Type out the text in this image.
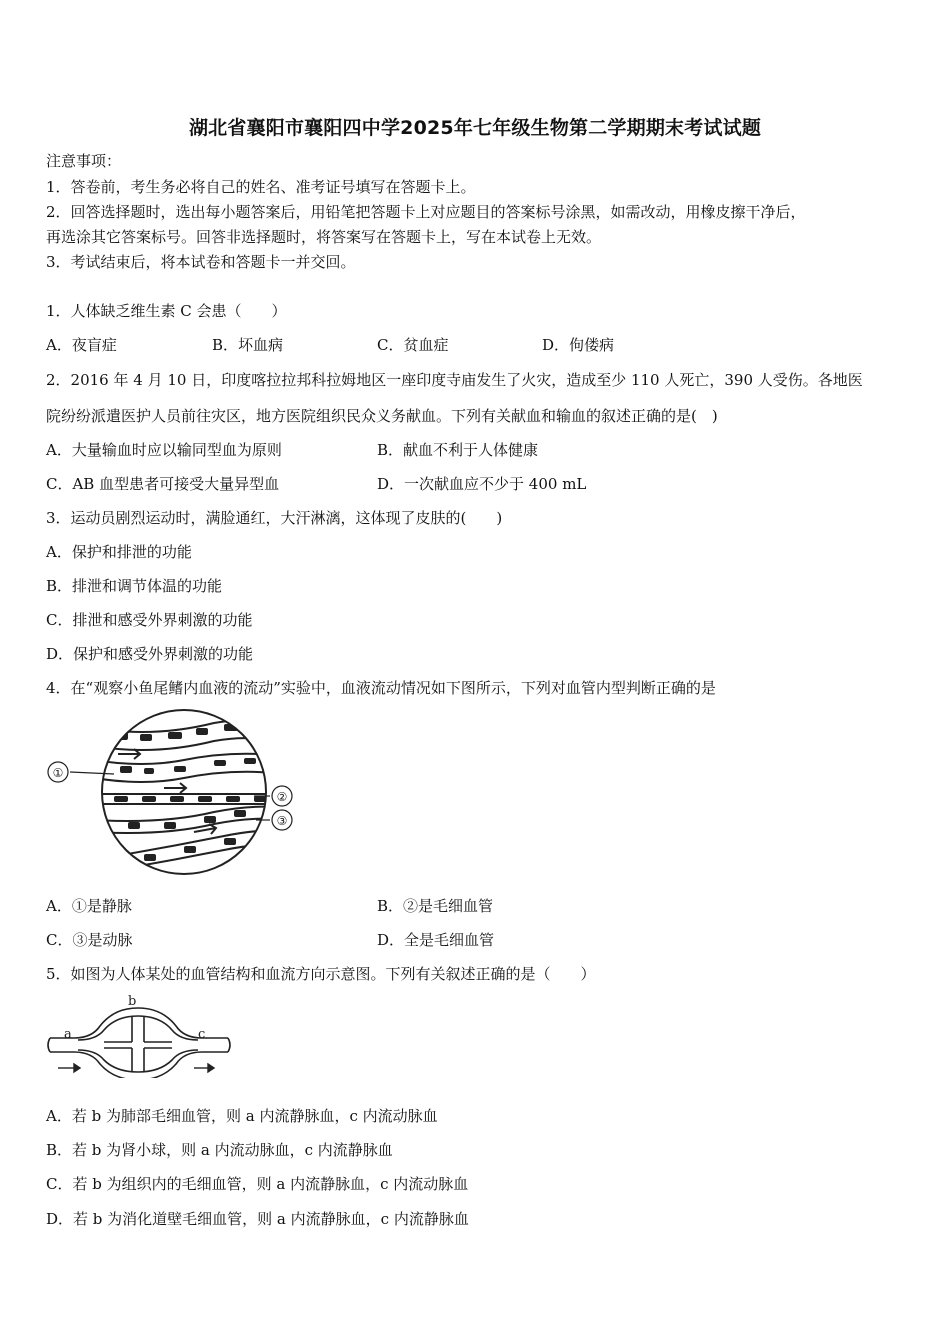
湖北省襄阳市襄阳四中学2025年七年级生物第二学期期末考试试题
注意事项：
1．答卷前，考生务必将自己的姓名、准考证号填写在答题卡上。
2．回答选择题时，选出每小题答案后，用铅笔把答题卡上对应题目的答案标号涂黑，如需改动，用橡皮擦干净后，
再选涂其它答案标号。回答非选择题时，将答案写在答题卡上，写在本试卷上无效。
3．考试结束后，将本试卷和答题卡一并交回。
1．人体缺乏维生素 C 会患（　　）
A．夜盲症	B．坏血病	C．贫血症	D．佝偻病
2．2016 年 4 月 10 日，印度喀拉拉邦科拉姆地区一座印度寺庙发生了火灾，造成至少 110 人死亡，390 人受伤。各地医
院纷纷派遣医护人员前往灾区，地方医院组织民众义务献血。下列有关献血和输血的叙述正确的是(　)
A．大量输血时应以输同型血为原则	B．献血不利于人体健康
C．AB 血型患者可接受大量异型血	D．一次献血应不少于 400 mL
3．运动员剧烈运动时，满脸通红，大汗淋漓，这体现了皮肤的(　　)
A．保护和排泄的功能
B．排泄和调节体温的功能
C．排泄和感受外界刺激的功能
D．保护和感受外界刺激的功能
4．在“观察小鱼尾鳍内血液的流动”实验中，血液流动情况如下图所示，下列对血管内型判断正确的是
①
②
③
A．①是静脉	B．②是毛细血管
C．③是动脉	D．全是毛细血管
5．如图为人体某处的血管结构和血流方向示意图。下列有关叙述正确的是（　　）
a
b
c
A．若 b 为肺部毛细血管，则 a 内流静脉血，c 内流动脉血
B．若 b 为肾小球，则 a 内流动脉血，c 内流静脉血
C．若 b 为组织内的毛细血管，则 a 内流静脉血，c 内流动脉血
D．若 b 为消化道壁毛细血管，则 a 内流静脉血，c 内流静脉血
